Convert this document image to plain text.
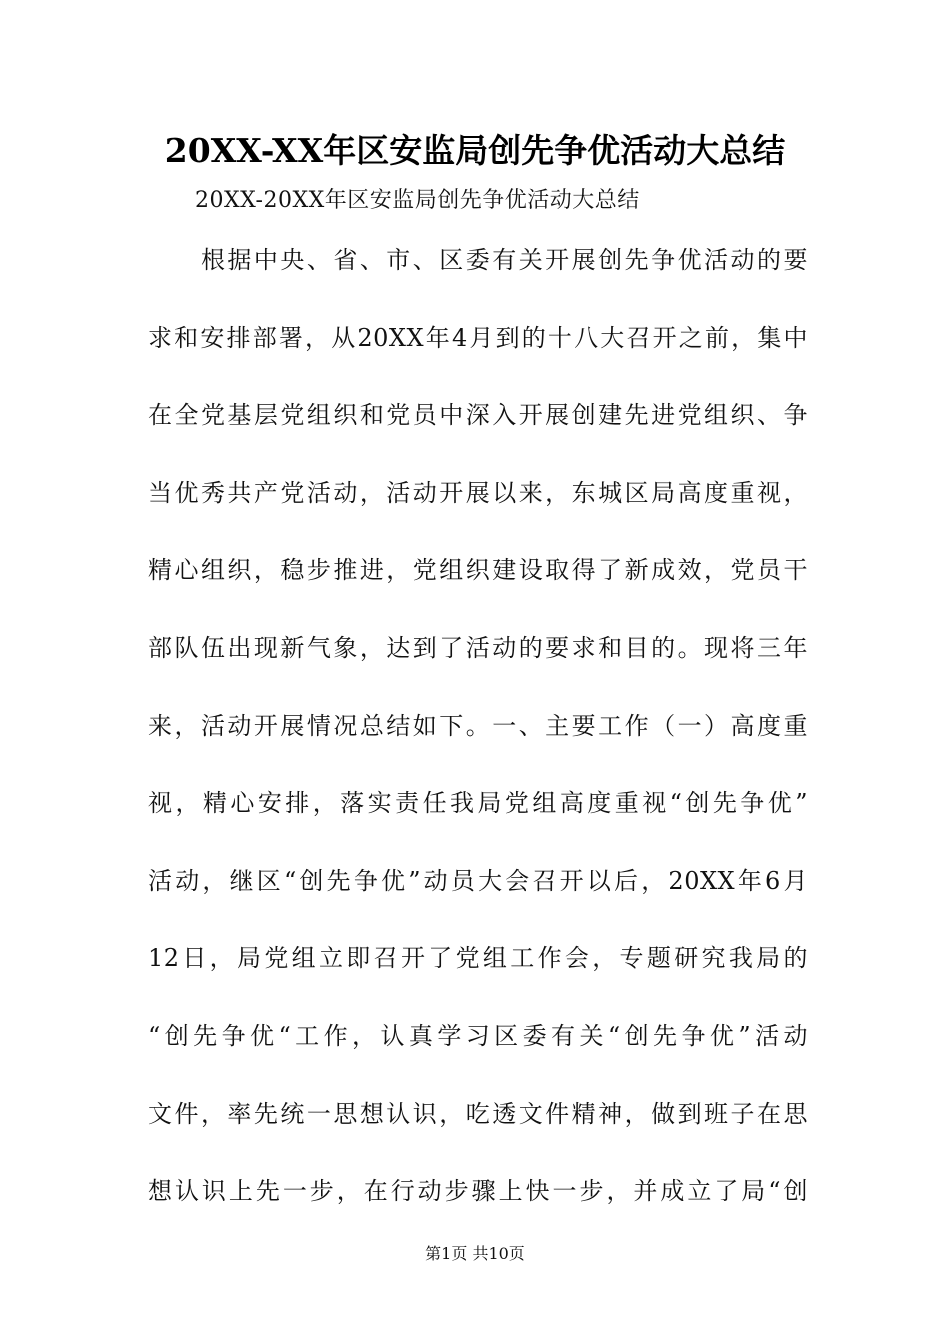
20XX-XX年区安监局创先争优活动大总结
20XX-20XX年区安监局创先争优活动大总结
　　根据中央、省、市、区委有关开展创先争优活动的要
求和安排部署，从20XX年4月到的十八大召开之前，集中
在全党基层党组织和党员中深入开展创建先进党组织、争
当优秀共产党活动，活动开展以来，东城区局高度重视，
精心组织，稳步推进，党组织建设取得了新成效，党员干
部队伍出现新气象，达到了活动的要求和目的。现将三年
来，活动开展情况总结如下。一、主要工作（一）高度重
视，精心安排，落实责任我局党组高度重视“创先争优”
活动，继区“创先争优”动员大会召开以后，20XX年6月
12日，局党组立即召开了党组工作会，专题研究我局的
“创先争优“工作，认真学习区委有关“创先争优”活动
文件，率先统一思想认识，吃透文件精神，做到班子在思
想认识上先一步，在行动步骤上快一步，并成立了局“创
第1页 共10页
